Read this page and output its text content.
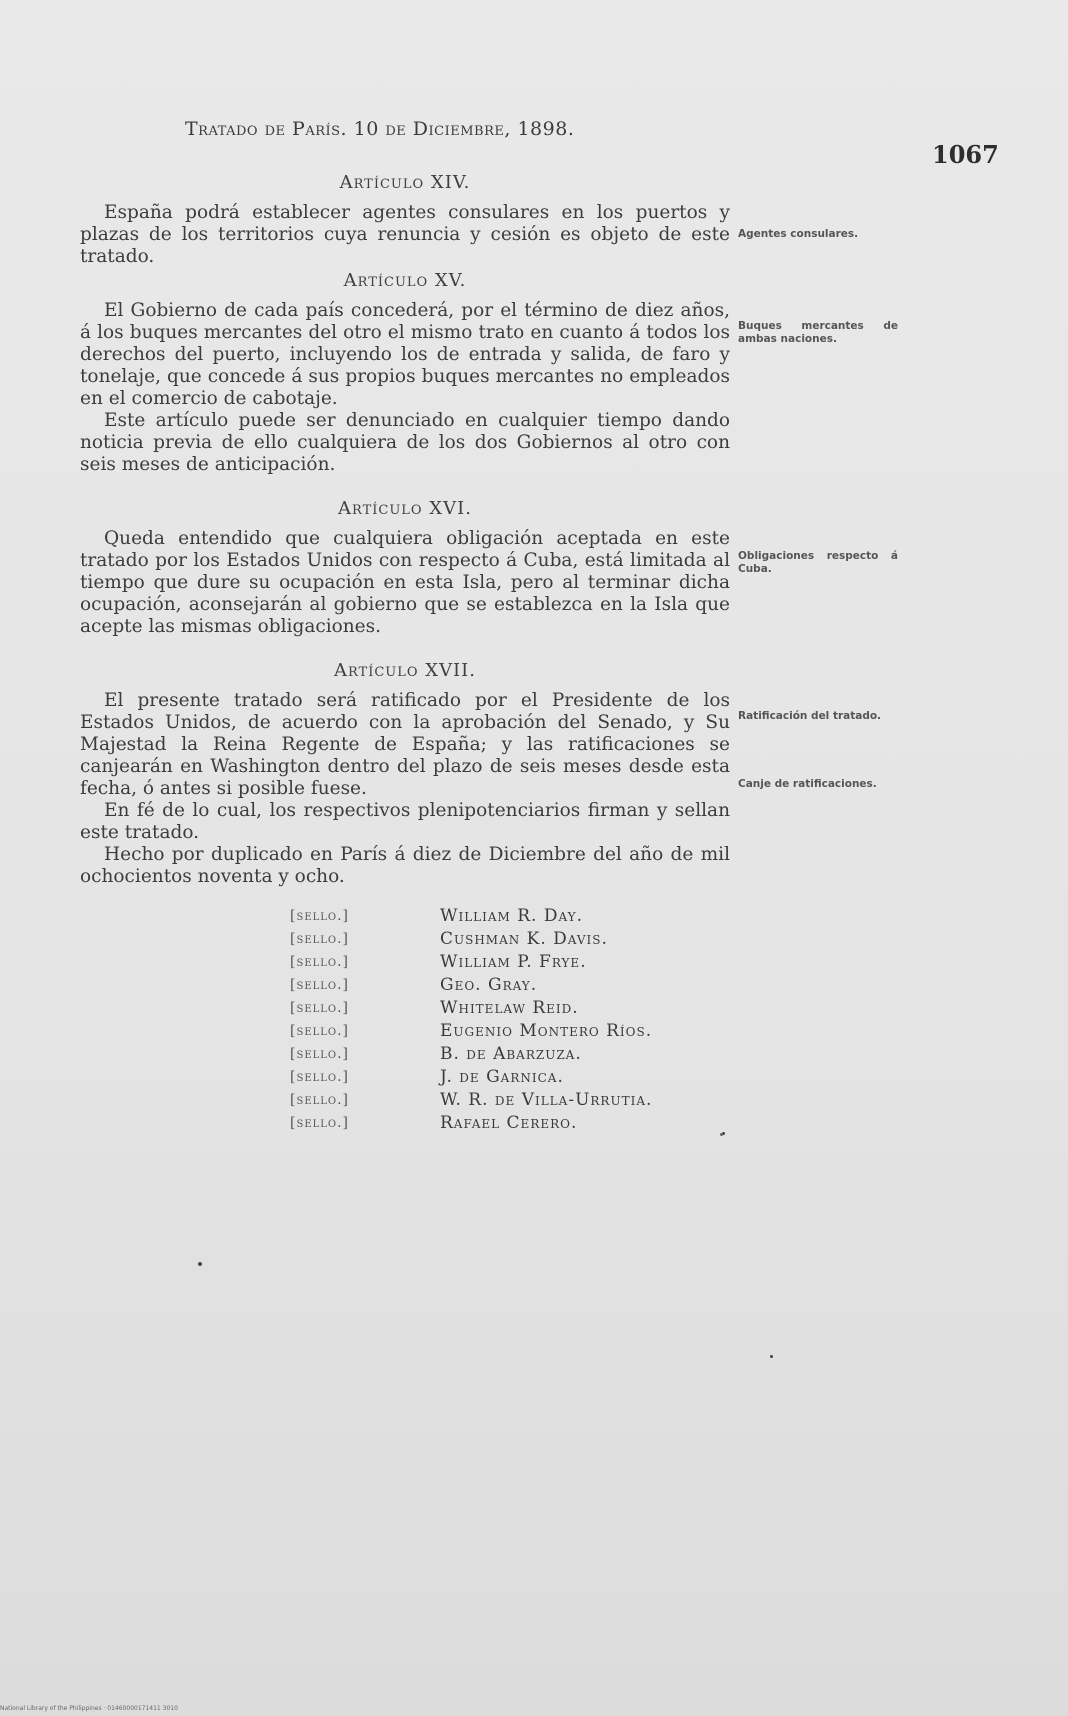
Tratado de París. 10 de Diciembre, 1898.
1067
Artículo XIV.

España podrá establecer agentes consulares en los puertos y plazas de los territorios cuya renuncia y cesión es objeto de este tratado.

Agentes consulares.
Artículo XV.

El Gobierno de cada país concederá, por el término de diez años, á los buques mercantes del otro el mismo trato en cuanto á todos los derechos del puerto, incluyendo los de entrada y salida, de faro y tonelaje, que concede á sus propios buques mercantes no empleados en el comercio de cabotaje.

Este artículo puede ser denunciado en cualquier tiempo dando noticia previa de ello cualquiera de los dos Gobiernos al otro con seis meses de anticipación.

Buques mercantes de ambas naciones.
Artículo XVI.

Queda entendido que cualquiera obligación aceptada en este tratado por los Estados Unidos con respecto á Cuba, está limitada al tiempo que dure su ocupación en esta Isla, pero al terminar dicha ocupación, aconsejarán al gobierno que se establezca en la Isla que acepte las mismas obligaciones.

Obligaciones respecto á Cuba.
Artículo XVII.

El presente tratado será ratificado por el Presidente de los Estados Unidos, de acuerdo con la aprobación del Senado, y Su Majestad la Reina Regente de España; y las ratificaciones se canjearán en Washington dentro del plazo de seis meses desde esta fecha, ó antes si posible fuese.

En fé de lo cual, los respectivos plenipotenciarios firman y sellan este tratado.

Hecho por duplicado en París á diez de Diciembre del año de mil ochocientos noventa y ocho.

Ratificación del tratado.
Canje de ratificaciones.
[sello.]	William R. Day.
[sello.]	Cushman K. Davis.
[sello.]	William P. Frye.
[sello.]	Geo. Gray.
[sello.]	Whitelaw Reid.
[sello.]	Eugenio Montero Ríos.
[sello.]	B. de Abarzuza.
[sello.]	J. de Garnica.
[sello.]	W. R. de Villa-Urrutia.
[sello.]	Rafael Cerero.
National Library of the Philippines · 01460000171411 3010
